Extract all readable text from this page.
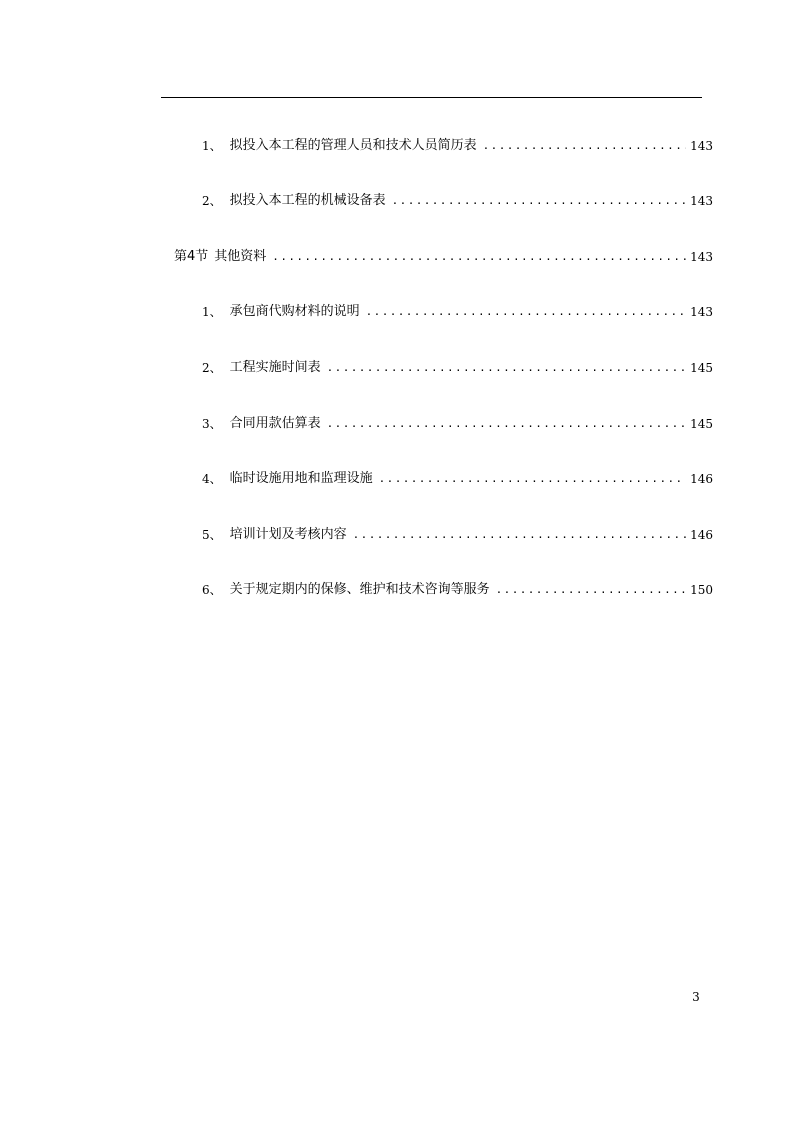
1、 拟投入本工程的管理人员和技术人员简历表 .....	143
2、 拟投入本工程的机械设备表 .....	143
第4节 其他资料 .....	143
1、 承包商代购材料的说明 .....	143
2、 工程实施时间表 .....	145
3、 合同用款估算表 .....	145
4、 临时设施用地和监理设施 .....	146
5、 培训计划及考核内容 .....	146
6、 关于规定期内的保修、维护和技术咨询等服务 .....	150
3
